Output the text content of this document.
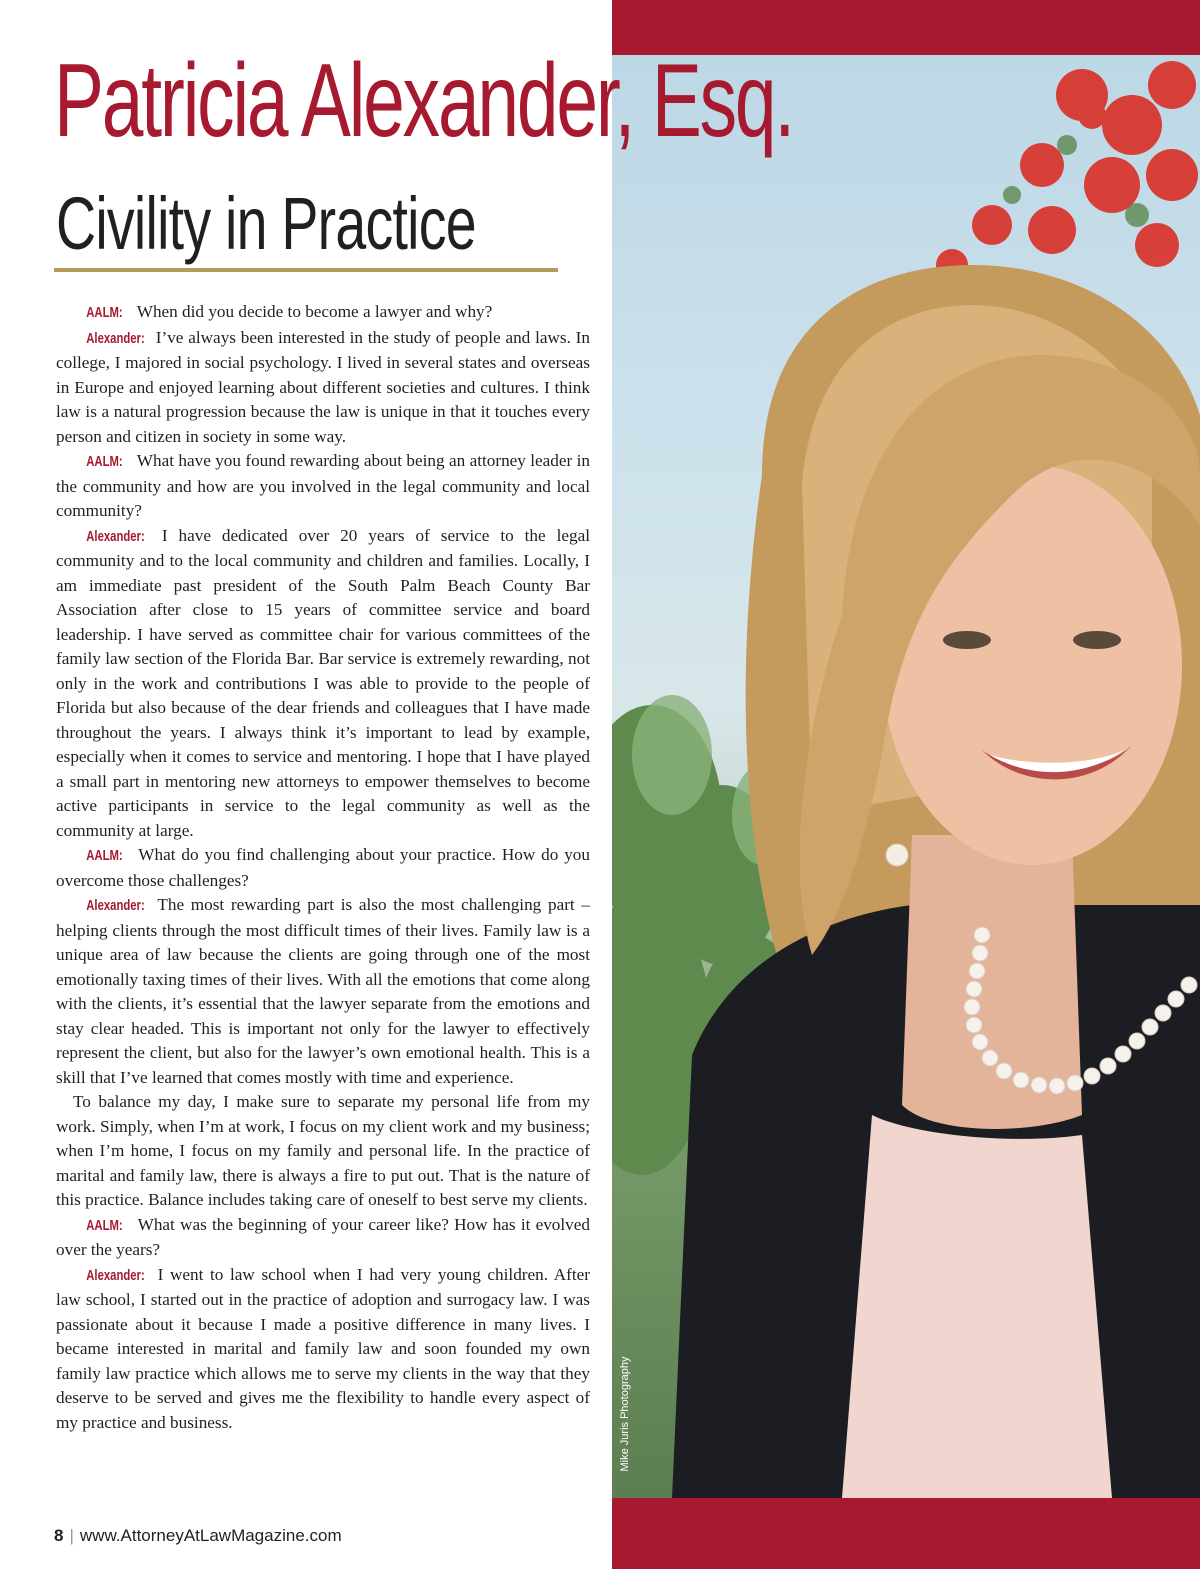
Mike Juris Photography
Patricia Alexander, Esq.
Civility in Practice

AALM: When did you decide to become a lawyer and why?

Alexander: I’ve always been interested in the study of people and laws. In college, I majored in social psychology. I lived in several states and overseas in Europe and enjoyed learning about different societies and cultures. I think law is a natural progression because the law is unique in that it touches every person and citizen in society in some way.

AALM: What have you found rewarding about being an attorney leader in the community and how are you involved in the legal community and local community?

Alexander: I have dedicated over 20 years of service to the legal community and to the local community and children and families. Locally, I am immediate past president of the South Palm Beach County Bar Association after close to 15 years of committee service and board leadership. I have served as committee chair for various committees of the family law section of the Florida Bar. Bar service is extremely rewarding, not only in the work and contributions I was able to provide to the people of Florida but also because of the dear friends and colleagues that I have made throughout the years. I always think it’s important to lead by example, especially when it comes to service and mentoring. I hope that I have played a small part in mentoring new attorneys to empower themselves to become active participants in service to the legal community as well as the community at large.

AALM: What do you find challenging about your practice. How do you overcome those challenges?

Alexander: The most rewarding part is also the most challenging part – helping clients through the most difficult times of their lives. Family law is a unique area of law because the clients are going through one of the most emotionally taxing times of their lives. With all the emotions that come along with the clients, it’s essential that the lawyer separate from the emotions and stay clear headed. This is important not only for the lawyer to effectively represent the client, but also for the lawyer’s own emotional health. This is a skill that I’ve learned that comes mostly with time and experience.

To balance my day, I make sure to separate my personal life from my work. Simply, when I’m at work, I focus on my client work and my business; when I’m home, I focus on my family and personal life. In the practice of marital and family law, there is always a fire to put out. That is the nature of this practice. Balance includes taking care of oneself to best serve my clients.

AALM: What was the beginning of your career like? How has it evolved over the years?

Alexander: I went to law school when I had very young children. After law school, I started out in the practice of adoption and surrogacy law. I was passionate about it because I made a positive difference in many lives. I became interested in marital and family law and soon founded my own family law practice which allows me to serve my clients in the way that they deserve to be served and gives me the flexibility to handle every aspect of my practice and business.

8 | www.AttorneyAtLawMagazine.com
